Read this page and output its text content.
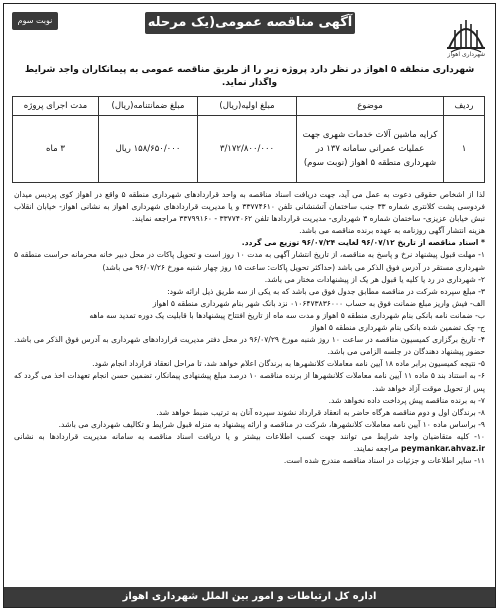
شهرداری اهواز
آگهی مناقصه عمومی(یک مرحله ای)
نوبت سوم
شهرداری منطقه ۵ اهواز در نظر دارد پروژه زیر را از طریق مناقصه عمومی به پیمانکاران واجد شرایط واگذار نماید.
ردیف	موضوع	مبلغ اولیه(ریال)	مبلغ ضمانتنامه(ریال)	مدت اجرای پروژه
۱	کرایه ماشین آلات خدمات شهری جهت عملیات عمرانی سامانه ۱۳۷ در شهرداری منطقه ۵ اهواز (نوبت سوم)	۳/۱۷۲/۸۰۰/۰۰۰	۱۵۸/۶۵۰/۰۰۰ ریال	۳ ماه

لذا از اشخاص حقوقی دعوت به عمل می آید، جهت دریافت اسناد مناقصه به واحد قراردادهای شهرداری منطقه ۵ واقع در اهواز کوی پردیس میدان فردوسی پشت کلانتری شماره ۳۳ جنب ساختمان آتشنشانی تلفن ۳۳۷۷۴۶۱۰ و یا مدیریت قراردادهای شهرداری اهواز به نشانی اهواز- خیابان انقلاب نبش خیابان عزیزی- ساختمان شماره ۳ شهرداری- مدیریت قراردادها تلفن ۳۳۷۷۴۰۶۲ - ۳۳۷۹۹۱۶۰ مراجعه نمایند.

هزینه انتشار آگهی روزنامه به عهده برنده مناقصه می باشد.

* اسناد مناقصه از تاریخ ۹۶/۰۷/۱۲ لغایت ۹۶/۰۷/۲۴ توزیع می گردد.

۱- مهلت قبول پیشنهاد نرخ و پاسخ به مناقصه، از تاریخ انتشار آگهی به مدت ۱۰ روز است و تحویل پاکات در محل دبیر خانه محرمانه حراست منطقه ۵ شهرداری مستقر در آدرس فوق الذکر می باشد (حداکثر تحویل پاکات: ساعت ۱۵ روز چهار شنبه مورخ ۹۶/۰۷/۲۶ می باشد)

۲- شهرداری در رد یا کلیه یا قبول هر یک از پیشنهادات مختار می باشد.

۳- مبلغ سپرده شرکت در مناقصه مطابق جدول فوق می باشد که به یکی از سه طریق ذیل ارائه شود:

الف- فیش واریز مبلغ ضمانت فوق به حساب ۰۱۰۶۴۷۳۸۳۶۰۰۰ نزد بانک شهر بنام شهرداری منطقه ۵ اهواز

ب- ضمانت نامه بانکی بنام شهرداری منطقه ۵ اهواز و مدت سه ماه از تاریخ افتتاح پیشنهادها با قابلیت یک دوره تمدید سه ماهه

ج- چک تضمین شده بانکی بنام شهرداری منطقه ۵ اهواز

۴- تاریخ برگزاری کمیسیون مناقصه در ساعت ۱۰ روز شنبه مورخ ۹۶/۰۷/۲۹ در محل دفتر مدیریت قراردادهای شهرداری به آدرس فوق الذکر می باشد. حضور پیشنهاد دهندگان در جلسه الزامی می باشد.

۵- نتیجه کمیسیون برابر ماده ۱۸ آیین نامه معاملات کلانشهرها به برندگان اعلام خواهد شد، تا مراحل انعقاد قرارداد انجام شود.

۶- به استناد بند ۵ ماده ۱۱ آیین نامه معاملات کلانشهرها از برنده مناقصه ۱۰ درصد مبلغ پیشنهادی پیمانکار، تضمین حسن انجام تعهدات اخذ می گردد که پس از تحویل موقت آزاد خواهد شد.

۷- به برنده مناقصه پیش پرداخت داده نخواهد شد.

۸- برندگان اول و دوم مناقصه هرگاه حاضر به انعقاد قرارداد نشوند سپرده آنان به ترتیب ضبط خواهد شد.

۹- براساس ماده ۱۰ آیین نامه معاملات کلانشهرها، شرکت در مناقصه و ارائه پیشنهاد به منزله قبول شرایط و تکالیف شهرداری می باشد.

۱۰- کلیه متقاضیان واجد شرایط می توانند جهت کسب اطلاعات بیشتر و یا دریافت اسناد مناقصه به سامانه مدیریت قراردادها به نشانی peymankar.ahvaz.ir مراجعه نمایند.

۱۱- سایر اطلاعات و جزئیات در اسناد مناقصه مندرج شده است.

اداره کل ارتباطات و امور بین الملل شهرداری اهواز
